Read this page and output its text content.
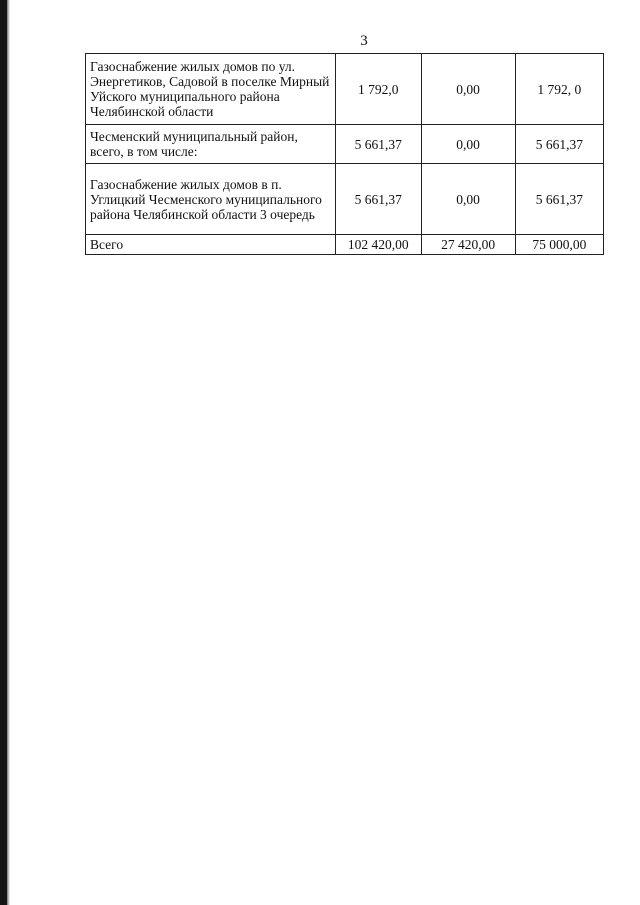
3
Газоснабжение жилых домов по ул. Энергетиков, Садовой в поселке Мирный Уйского муниципального района Челябинской области	1 792,0	0,00	1 792, 0
Чесменский муниципальный район, всего, в том числе:	5 661,37	0,00	5 661,37
Газоснабжение жилых домов в п. Углицкий Чесменского муниципального района Челябинской области 3 очередь	5 661,37	0,00	5 661,37
Всего	102 420,00	27 420,00	75 000,00
